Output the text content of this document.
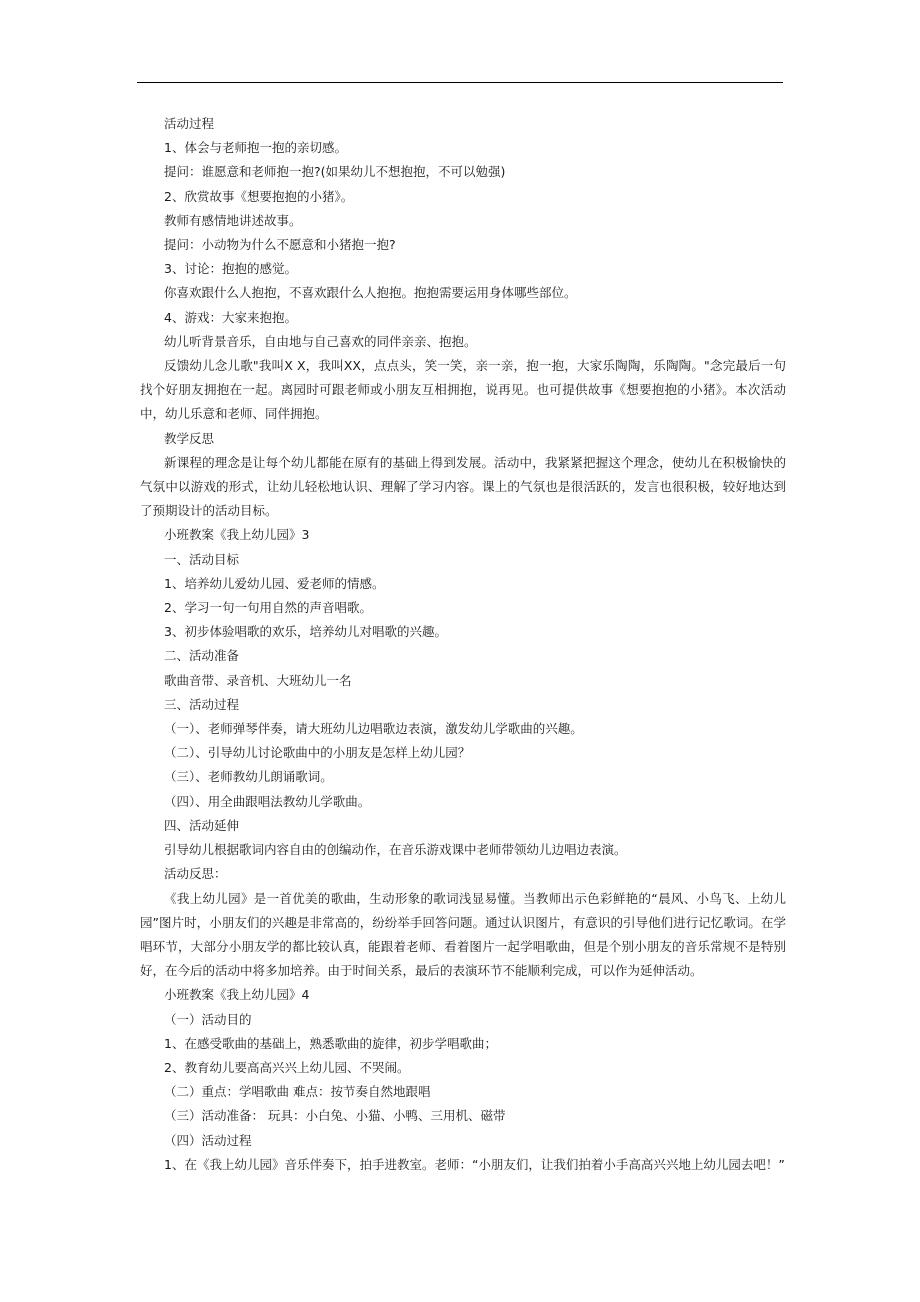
活动过程

1、体会与老师抱一抱的亲切感。

提问：谁愿意和老师抱一抱?(如果幼儿不想抱抱，不可以勉强)

2、欣赏故事《想要抱抱的小猪》。

教师有感情地讲述故事。

提问：小动物为什么不愿意和小猪抱一抱?

3、讨论：抱抱的感觉。

你喜欢跟什么人抱抱，不喜欢跟什么人抱抱。抱抱需要运用身体哪些部位。

4、游戏：大家来抱抱。

幼儿听背景音乐，自由地与自己喜欢的同伴亲亲、抱抱。

反馈幼儿念儿歌"我叫X X，我叫XX，点点头，笑一笑，亲一亲，抱一抱，大家乐陶陶，乐陶陶。"念完最后一句找个好朋友拥抱在一起。离园时可跟老师或小朋友互相拥抱，说再见。也可提供故事《想要抱抱的小猪》。本次活动中，幼儿乐意和老师、同伴拥抱。

教学反思

新课程的理念是让每个幼儿都能在原有的基础上得到发展。活动中，我紧紧把握这个理念，使幼儿在积极愉快的气氛中以游戏的形式，让幼儿轻松地认识、理解了学习内容。课上的气氛也是很活跃的，发言也很积极，较好地达到了预期设计的活动目标。

小班教案《我上幼儿园》3

一、活动目标

1、培养幼儿爱幼儿园、爱老师的情感。

2、学习一句一句用自然的声音唱歌。

3、初步体验唱歌的欢乐，培养幼儿对唱歌的兴趣。

二、活动准备

歌曲音带、录音机、大班幼儿一名

三、活动过程

（一）、老师弹琴伴奏，请大班幼儿边唱歌边表演，激发幼儿学歌曲的兴趣。

（二）、引导幼儿讨论歌曲中的小朋友是怎样上幼儿园？

（三）、老师教幼儿朗诵歌词。

（四）、用全曲跟唱法教幼儿学歌曲。

四、活动延伸

引导幼儿根据歌词内容自由的创编动作，在音乐游戏课中老师带领幼儿边唱边表演。

活动反思：

《我上幼儿园》是一首优美的歌曲，生动形象的歌词浅显易懂。当教师出示色彩鲜艳的“晨风、小鸟飞、上幼儿园”图片时，小朋友们的兴趣是非常高的，纷纷举手回答问题。通过认识图片，有意识的引导他们进行记忆歌词。在学唱环节，大部分小朋友学的都比较认真，能跟着老师、看着图片一起学唱歌曲，但是个别小朋友的音乐常规不是特别好，在今后的活动中将多加培养。由于时间关系，最后的表演环节不能顺利完成，可以作为延伸活动。

小班教案《我上幼儿园》4

（一）活动目的

1、在感受歌曲的基础上，熟悉歌曲的旋律，初步学唱歌曲；

2、教育幼儿要高高兴兴上幼儿园、不哭闹。

（二）重点：学唱歌曲 难点：按节奏自然地跟唱

（三）活动准备： 玩具：小白兔、小猫、小鸭、三用机、磁带

（四）活动过程

1、在《我上幼儿园》音乐伴奏下，拍手进教室。老师：“小朋友们，让我们拍着小手高高兴兴地上幼儿园去吧！”
